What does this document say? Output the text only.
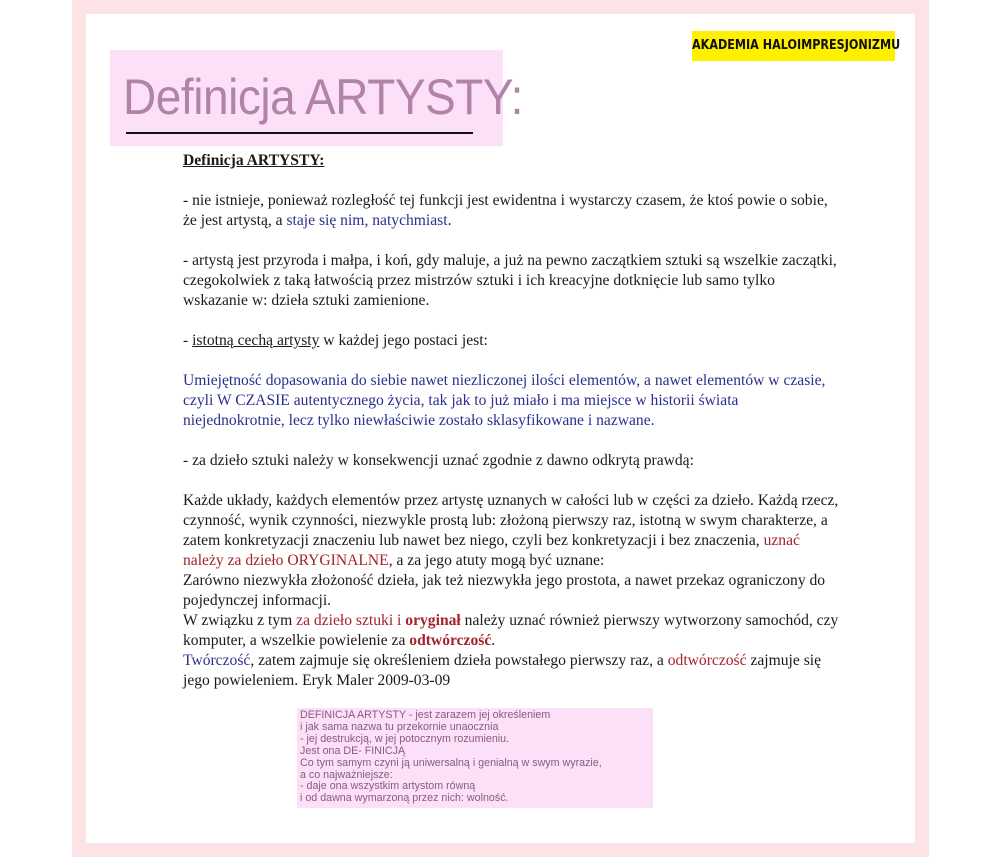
AKADEMIA HALOIMPRESJONIZMU
Definicja ARTYSTY:

Definicja ARTYSTY:

- nie istnieje, ponieważ rozległość tej funkcji jest ewidentna i wystarczy czasem, że ktoś powie o sobie, że jest artystą, a staje się nim, natychmiast.

- artystą jest przyroda i małpa, i koń, gdy maluje, a już na pewno zaczątkiem sztuki są wszelkie zaczątki, czegokolwiek z taką łatwością przez mistrzów sztuki i ich kreacyjne dotknięcie lub samo tylko wskazanie w: dzieła sztuki zamienione.

- istotną cechą artysty w każdej jego postaci jest:

Umiejętność dopasowania do siebie nawet niezliczonej ilości elementów, a nawet elementów w czasie, czyli W CZASIE autentycznego życia, tak jak to już miało i ma miejsce w historii świata niejednokrotnie, lecz tylko niewłaściwie zostało sklasyfikowane i nazwane.

- za dzieło sztuki należy w konsekwencji uznać zgodnie z dawno odkrytą prawdą:

Każde układy, każdych elementów przez artystę uznanych w całości lub w części za dzieło. Każdą rzecz, czynność, wynik czynności, niezwykle prostą lub: złożoną pierwszy raz, istotną w swym charakterze, a zatem konkretyzacji znaczeniu lub nawet bez niego, czyli bez konkretyzacji i bez znaczenia, uznać należy za dzieło ORYGINALNE, a za jego atuty mogą być uznane:

Zarówno niezwykła złożoność dzieła, jak też niezwykła jego prostota, a nawet przekaz ograniczony do pojedynczej informacji.

W związku z tym za dzieło sztuki i oryginał należy uznać również pierwszy wytworzony samochód, czy komputer, a wszelkie powielenie za odtwórczość.

Twórczość, zatem zajmuje się określeniem dzieła powstałego pierwszy raz, a odtwórczość zajmuje się jego powieleniem. Eryk Maler 2009-03-09

DEFINICJA ARTYSTY - jest zarazem jej określeniem
i jak sama nazwa tu przekornie unaocznia
- jej destrukcją, w jej potocznym rozumieniu.
Jest ona DE- FINICJĄ
Co tym samym czyni ją uniwersalną i genialną w swym wyrazie,
a co najważniejsze:
- daje ona wszystkim artystom równą
i od dawna wymarzoną przez nich: wolność.
